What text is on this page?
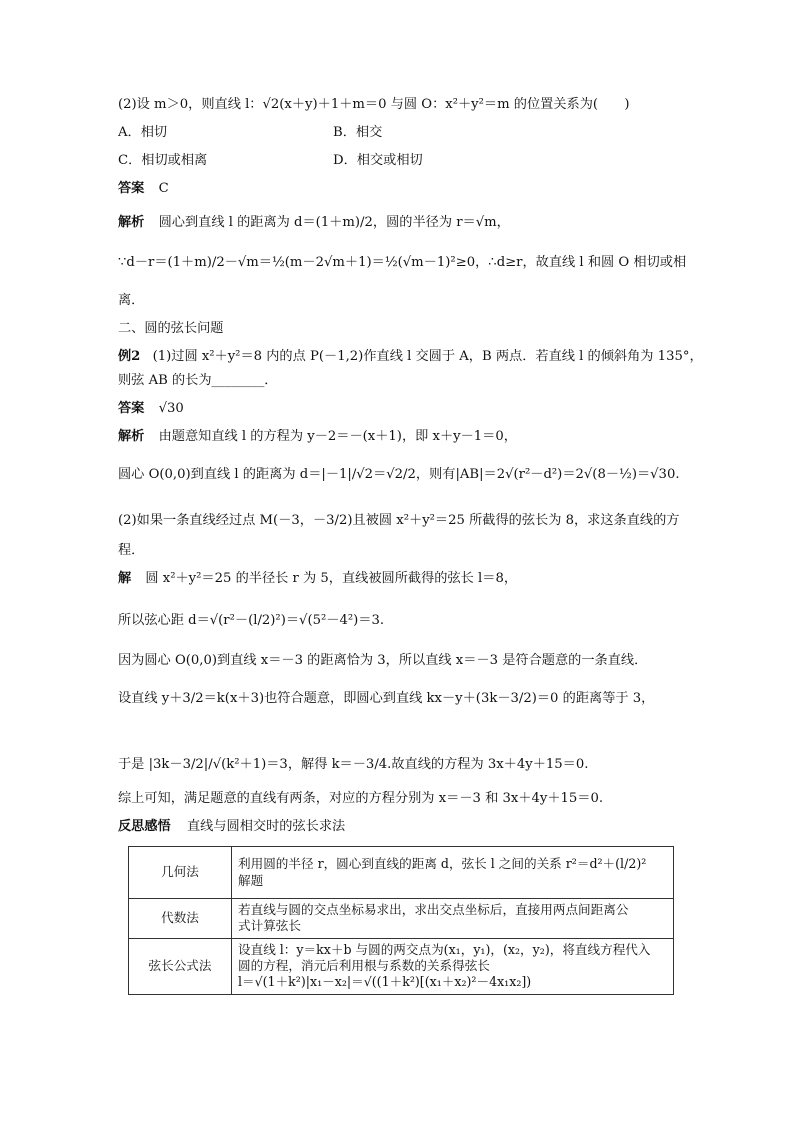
(2)设 m＞0，则直线 l：√2(x＋y)＋1＋m＝0 与圆 O：x²＋y²＝m 的位置关系为(　　)
A．相切	B．相交
C．相切或相离	D．相交或相切
答案 C
解析 圆心到直线 l 的距离为 d＝(1＋m)/2，圆的半径为 r＝√m，
∵d－r＝(1＋m)/2－√m＝½(m－2√m＋1)＝½(√m－1)²≥0，∴d≥r，故直线 l 和圆 O 相切或相
离．
二、圆的弦长问题
例2 (1)过圆 x²＋y²＝8 内的点 P(－1,2)作直线 l 交圆于 A，B 两点．若直线 l 的倾斜角为 135°，
则弦 AB 的长为________．
答案 √30
解析 由题意知直线 l 的方程为 y－2＝－(x＋1)，即 x＋y－1＝0，
圆心 O(0,0)到直线 l 的距离为 d＝|－1|/√2＝√2/2，则有|AB|＝2√(r²－d²)＝2√(8－½)＝√30.
(2)如果一条直线经过点 M(－3，－3/2)且被圆 x²＋y²＝25 所截得的弦长为 8，求这条直线的方
程．
解 圆 x²＋y²＝25 的半径长 r 为 5，直线被圆所截得的弦长 l＝8，
所以弦心距 d＝√(r²－(l/2)²)＝√(5²－4²)＝3.
因为圆心 O(0,0)到直线 x＝－3 的距离恰为 3，所以直线 x＝－3 是符合题意的一条直线．
设直线 y＋3/2＝k(x＋3)也符合题意，即圆心到直线 kx－y＋(3k－3/2)＝0 的距离等于 3，
于是 |3k－3/2|/√(k²＋1)＝3，解得 k＝－3/4.故直线的方程为 3x＋4y＋15＝0.
综上可知，满足题意的直线有两条，对应的方程分别为 x＝－3 和 3x＋4y＋15＝0.
反思感悟 直线与圆相交时的弦长求法
几何法	利用圆的半径 r，圆心到直线的距离 d，弦长 l 之间的关系 r²＝d²＋(l/2)²
解题

代数法	若直线与圆的交点坐标易求出，求出交点坐标后，直接用两点间距离公
式计算弦长

弦长公式法	设直线 l：y＝kx＋b 与圆的两交点为(x₁，y₁)，(x₂，y₂)，将直线方程代入
圆的方程，消元后利用根与系数的关系得弦长
l＝√(1＋k²)|x₁－x₂|＝√((1＋k²)[(x₁＋x₂)²－4x₁x₂])
